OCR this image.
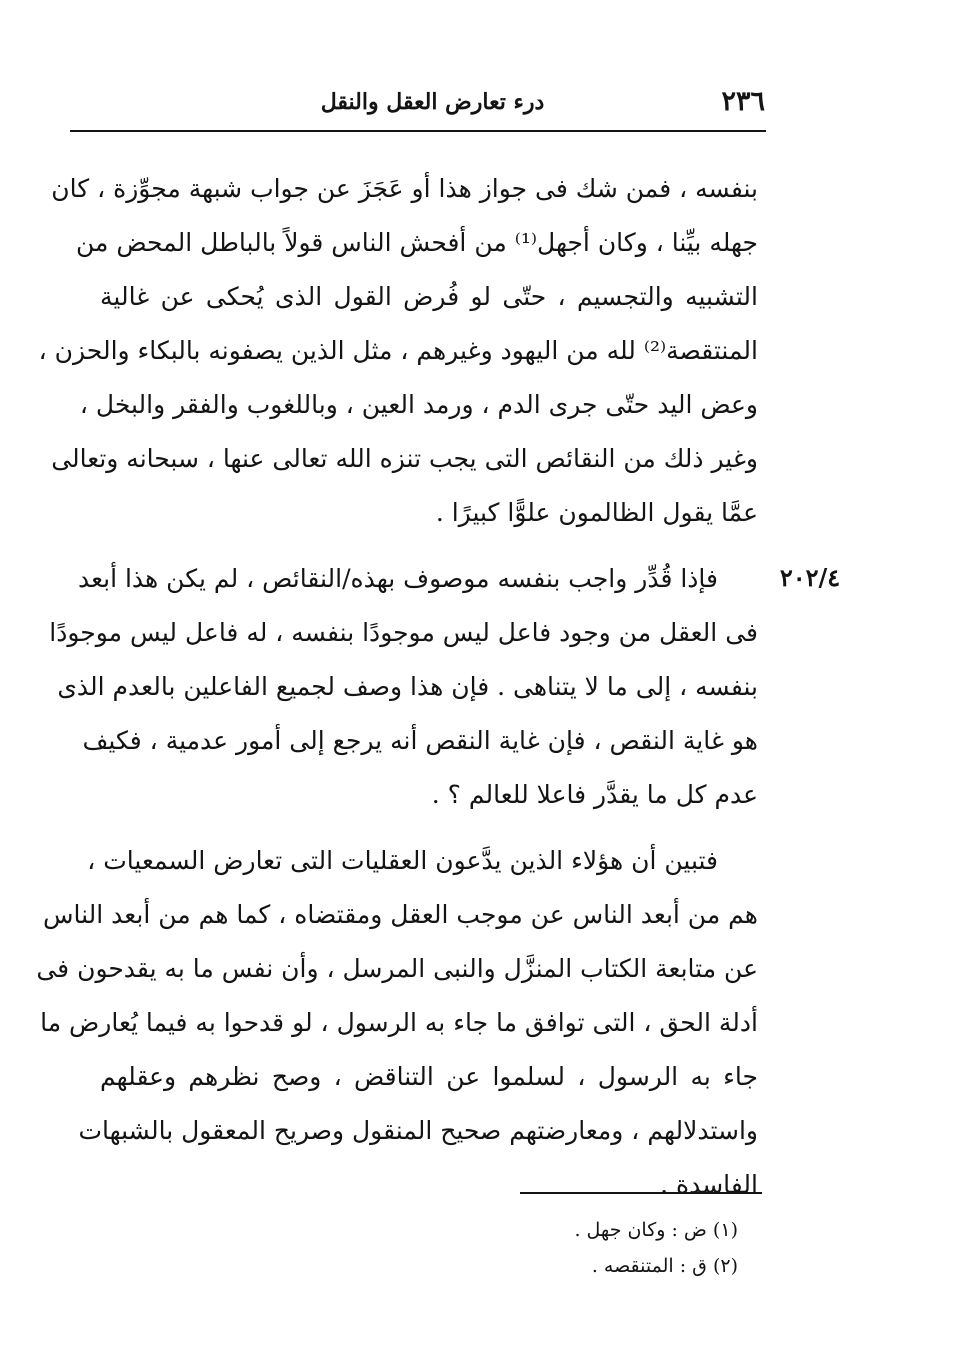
٢٣٦
درء تعارض العقل والنقل
بنفسه ، فمن شك فى جواز هذا أو عَجَزَ عن جواب شبهة مجوِّزة ، كان
جهله بيِّنا ، وكان أجهل⁽¹⁾ من أفحش الناس قولاً بالباطل المحض من
التشبيه والتجسيم ، حتّى لو فُرض القول الذى يُحكى عن غالية
المنتقصة⁽²⁾ لله من اليهود وغيرهم ، مثل الذين يصفونه بالبكاء والحزن ،
وعض اليد حتّى جرى الدم ، ورمد العين ، وباللغوب والفقر والبخل ،
وغير ذلك من النقائص التى يجب تنزه الله تعالى عنها ، سبحانه وتعالى
عمَّا يقول الظالمون علوًّا كبيرًا .
٢٠٢/٤
فإذا قُدِّر واجب بنفسه موصوف بهذه/النقائص ، لم يكن هذا أبعد
فى العقل من وجود فاعل ليس موجودًا بنفسه ، له فاعل ليس موجودًا
بنفسه ، إلى ما لا يتناهى . فإن هذا وصف لجميع الفاعلين بالعدم الذى
هو غاية النقص ، فإن غاية النقص أنه يرجع إلى أمور عدمية ، فكيف
عدم كل ما يقدَّر فاعلا للعالم ؟ .
فتبين أن هؤلاء الذين يدَّعون العقليات التى تعارض السمعيات ،
هم من أبعد الناس عن موجب العقل ومقتضاه ، كما هم من أبعد الناس
عن متابعة الكتاب المنزَّل والنبى المرسل ، وأن نفس ما به يقدحون فى
أدلة الحق ، التى توافق ما جاء به الرسول ، لو قدحوا به فيما يُعارض ما
جاء به الرسول ، لسلموا عن التناقض ، وصح نظرهم وعقلهم
واستدلالهم ، ومعارضتهم صحيح المنقول وصريح المعقول بالشبهات
الفاسدة .
(١) ض : وكان جهل .
(٢) ق : المتنقصه .
